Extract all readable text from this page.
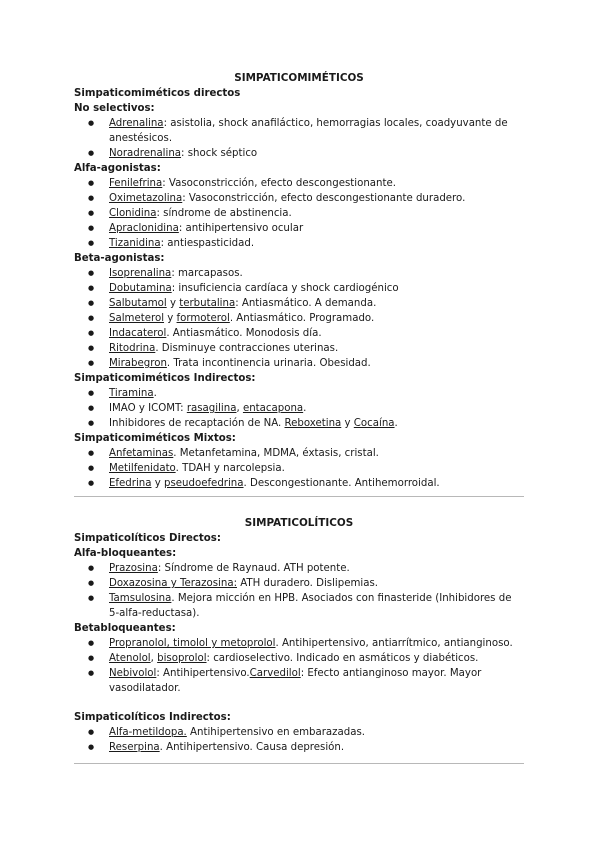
SIMPATICOMIMÉTICOS
Simpaticomiméticos directos
No selectivos:
● Adrenalina: asistolia, shock anafiláctico, hemorragias locales, coadyuvante de anestésicos.
● Noradrenalina: shock séptico
Alfa-agonistas:
● Fenilefrina: Vasoconstricción, efecto descongestionante.
● Oximetazolina: Vasoconstricción, efecto descongestionante duradero.
● Clonidina: síndrome de abstinencia.
● Apraclonidina: antihipertensivo ocular
● Tizanidina: antiespasticidad.
Beta-agonistas:
● Isoprenalina: marcapasos.
● Dobutamina: insuficiencia cardíaca y shock cardiogénico
● Salbutamol y terbutalina: Antiasmático. A demanda.
● Salmeterol y formoterol. Antiasmático. Programado.
● Indacaterol. Antiasmático. Monodosis día.
● Ritodrina. Disminuye contracciones uterinas.
● Mirabegron. Trata incontinencia urinaria. Obesidad.
Simpaticomiméticos Indirectos:
● Tiramina.
● IMAO y ICOMT: rasagilina, entacapona.
● Inhibidores de recaptación de NA. Reboxetina y Cocaína.
Simpaticomiméticos Mixtos:
● Anfetaminas. Metanfetamina, MDMA, éxtasis, cristal.
● Metilfenidato. TDAH y narcolepsia.
● Efedrina y pseudoefedrina. Descongestionante. Antihemorroidal.
SIMPATICOLÍTICOS
Simpaticolíticos Directos:
Alfa-bloqueantes:
● Prazosina: Síndrome de Raynaud. ATH potente.
● Doxazosina y Terazosina: ATH duradero. Dislipemias.
● Tamsulosina. Mejora micción en HPB. Asociados con finasteride (Inhibidores de 5-alfa-reductasa).
Betabloqueantes:
● Propranolol, timolol y metoprolol. Antihipertensivo, antiarrítmico, antianginoso.
● Atenolol, bisoprolol: cardioselectivo. Indicado en asmáticos y diabéticos.
● Nebivolol: Antihipertensivo.Carvedilol: Efecto antianginoso mayor. Mayor vasodilatador.
Simpaticolíticos Indirectos:
● Alfa-metildopa. Antihipertensivo en embarazadas.
● Reserpina. Antihipertensivo. Causa depresión.
